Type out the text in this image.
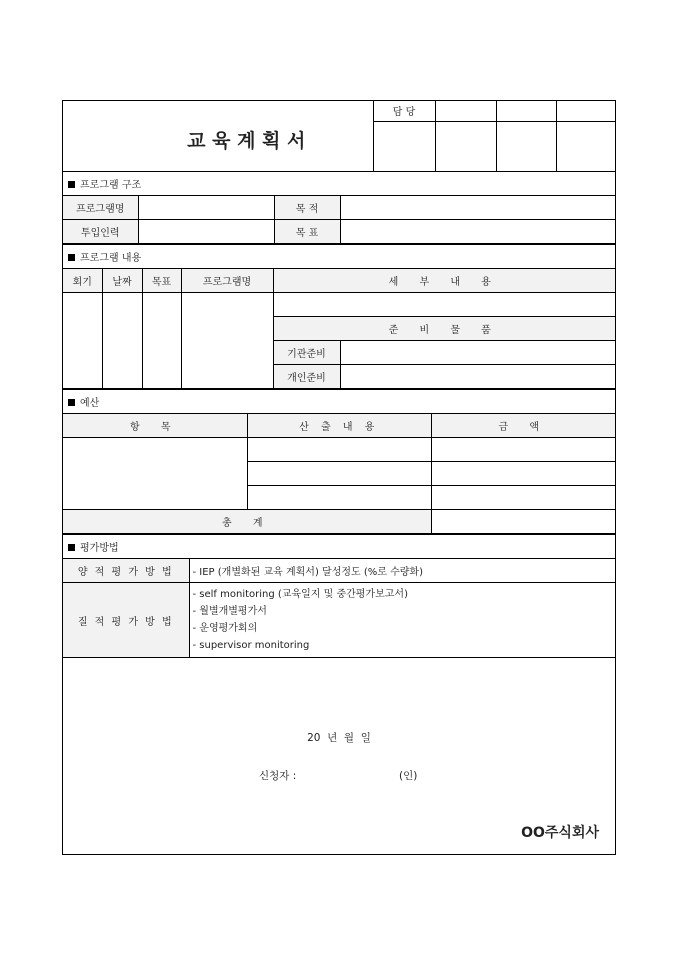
교 육 계 획 서	담 당			

프로그램 구조			
프로그램명		목 적	
투입인력		목 표	
프로그램 내용					
회기	날짜	목표	프로그램명	세 부 내 용	

				준 비 물 품	
				기관준비	
				개인준비	
예산		
항 목	산 출 내 용	금 액

총 계		
평가방법	
양 적 평 가 방 법	- IEP (개별화된 교육 계획서) 달성정도 (%로 수량화)
질 적 평 가 방 법	- self monitoring (교육일지 및 중간평가보고서)
- 월별개별평가서
- 운영평가회의
- supervisor monitoring
20  년  월  일
신청자 :	(인)
OO주식회사
